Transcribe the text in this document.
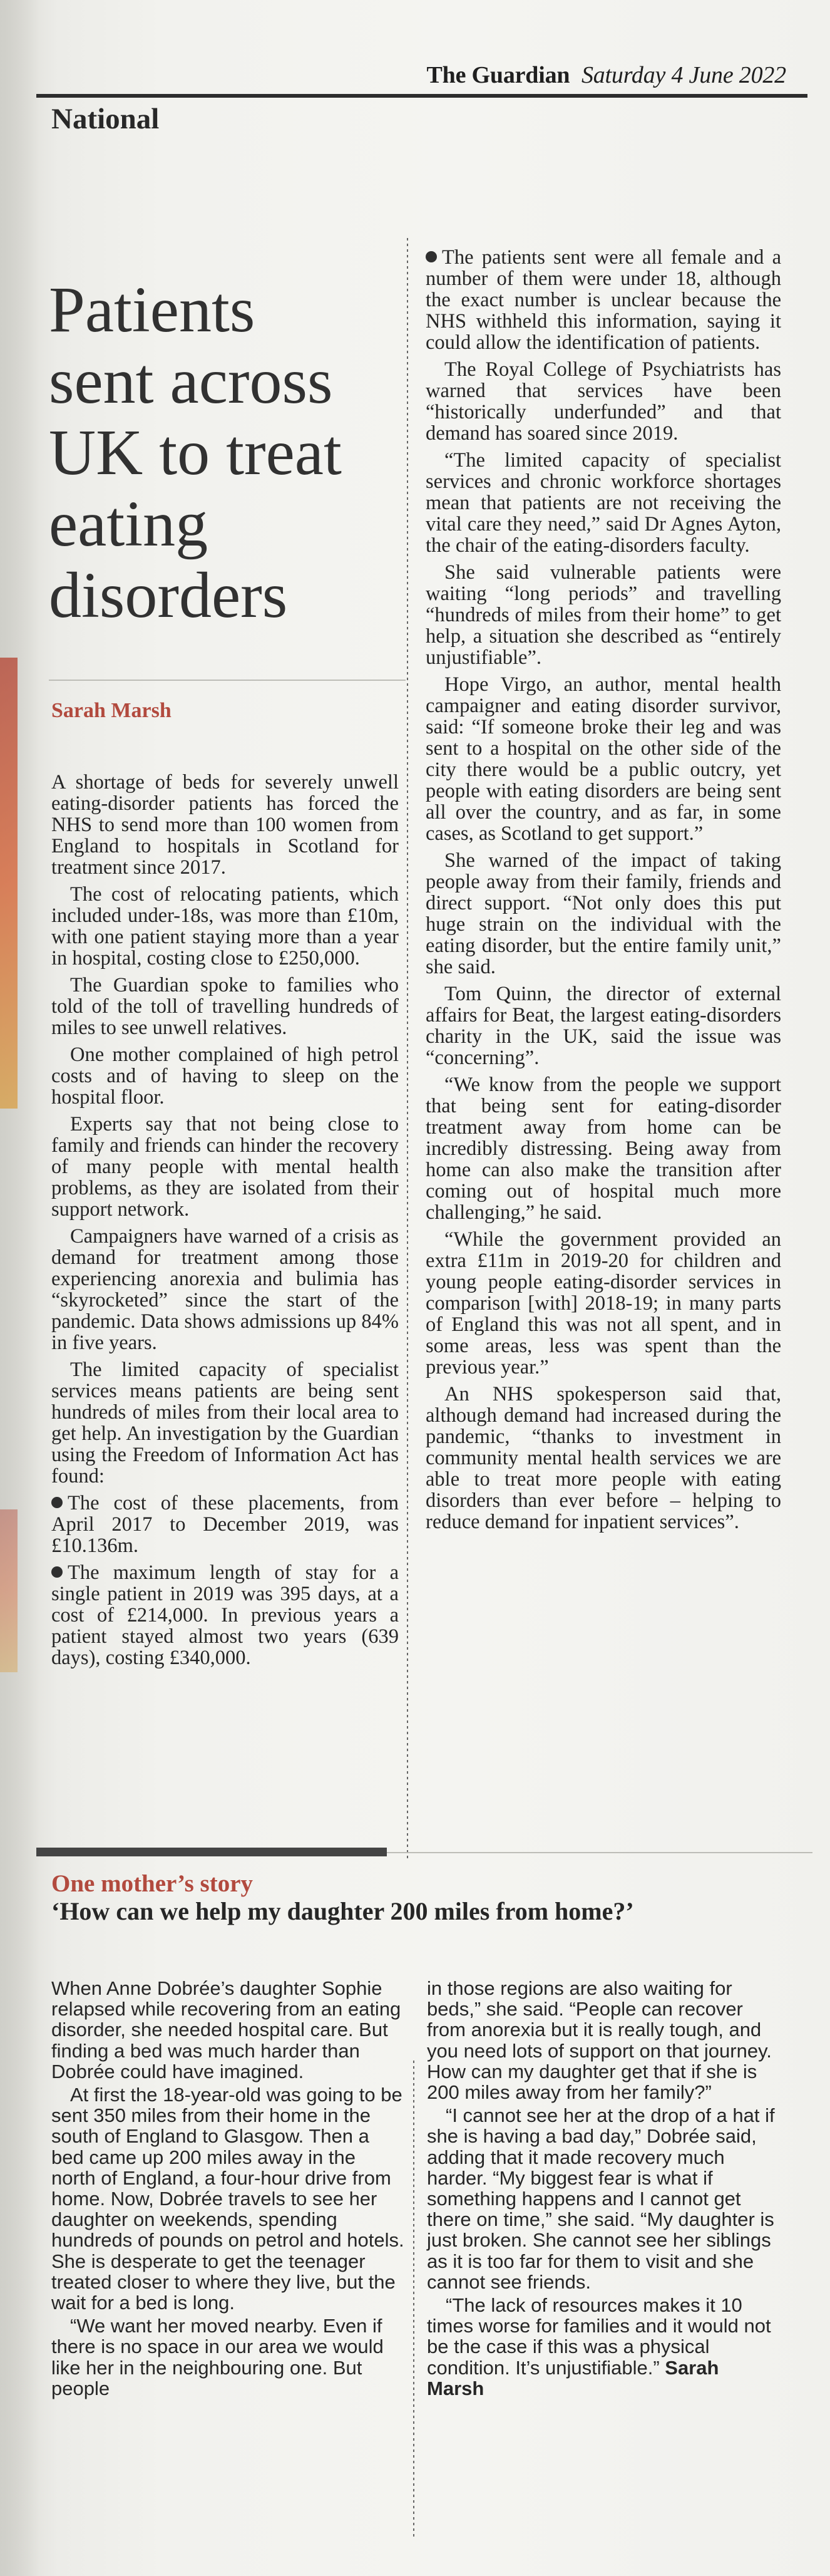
The Guardian Saturday 4 June 2022
National
Patients
sent across
UK to treat
eating
disorders
Sarah Marsh

A shortage of beds for severely unwell eating-disorder patients has forced the NHS to send more than 100 women from England to hospitals in Scotland for treatment since 2017.

The cost of relocating patients, which included under-18s, was more than £10m, with one patient staying more than a year in hospital, costing close to £250,000.

The Guardian spoke to families who told of the toll of travelling hundreds of miles to see unwell relatives.

One mother complained of high petrol costs and of having to sleep on the hospital floor.

Experts say that not being close to family and friends can hinder the recovery of many people with mental health problems, as they are isolated from their support network.

Campaigners have warned of a crisis as demand for treatment among those experiencing anorexia and bulimia has “skyrocketed” since the start of the pandemic. Data shows admissions up 84% in five years.

The limited capacity of specialist services means patients are being sent hundreds of miles from their local area to get help. An investigation by the Guardian using the Freedom of Information Act has found:

The cost of these placements, from April 2017 to December 2019, was £10.136m.

The maximum length of stay for a single patient in 2019 was 395 days, at a cost of £214,000. In previous years a patient stayed almost two years (639 days), costing £340,000.

The patients sent were all female and a number of them were under 18, although the exact number is unclear because the NHS withheld this information, saying it could allow the identification of patients.

The Royal College of Psychiatrists has warned that services have been “historically underfunded” and that demand has soared since 2019.

“The limited capacity of specialist services and chronic workforce shortages mean that patients are not receiving the vital care they need,” said Dr Agnes Ayton, the chair of the eating-disorders faculty.

She said vulnerable patients were waiting “long periods” and travelling “hundreds of miles from their home” to get help, a situation she described as “entirely unjustifiable”.

Hope Virgo, an author, mental health campaigner and eating disorder survivor, said: “If someone broke their leg and was sent to a hospital on the other side of the city there would be a public outcry, yet people with eating disorders are being sent all over the country, and as far, in some cases, as Scotland to get support.”

She warned of the impact of taking people away from their family, friends and direct support. “Not only does this put huge strain on the individual with the eating disorder, but the entire family unit,” she said.

Tom Quinn, the director of external affairs for Beat, the largest eating-disorders charity in the UK, said the issue was “concerning”.

“We know from the people we support that being sent for eating-disorder treatment away from home can be incredibly distressing. Being away from home can also make the transition after coming out of hospital much more challenging,” he said.

“While the government provided an extra £11m in 2019-20 for children and young people eating-disorder services in comparison [with] 2018-19; in many parts of England this was not all spent, and in some areas, less was spent than the previous year.”

An NHS spokesperson said that, although demand had increased during the pandemic, “thanks to investment in community mental health services we are able to treat more people with eating disorders than ever before – helping to reduce demand for inpatient services”.

One mother’s story
‘How can we help my daughter 200 miles from home?’

When Anne Dobrée’s daughter Sophie relapsed while recovering from an eating disorder, she needed hospital care. But finding a bed was much harder than Dobrée could have imagined.

At first the 18-year-old was going to be sent 350 miles from their home in the south of England to Glasgow. Then a bed came up 200 miles away in the north of England, a four-hour drive from home. Now, Dobrée travels to see her daughter on weekends, spending hundreds of pounds on petrol and hotels. She is desperate to get the teenager treated closer to where they live, but the wait for a bed is long.

“We want her moved nearby. Even if there is no space in our area we would like her in the neighbouring one. But people

in those regions are also waiting for beds,” she said. “People can recover from anorexia but it is really tough, and you need lots of support on that journey. How can my daughter get that if she is 200 miles away from her family?”

“I cannot see her at the drop of a hat if she is having a bad day,” Dobrée said, adding that it made recovery much harder. “My biggest fear is what if something happens and I cannot get there on time,” she said. “My daughter is just broken. She cannot see her siblings as it is too far for them to visit and she cannot see friends.

“The lack of resources makes it 10 times worse for families and it would not be the case if this was a physical condition. It’s unjustifiable.” Sarah Marsh
